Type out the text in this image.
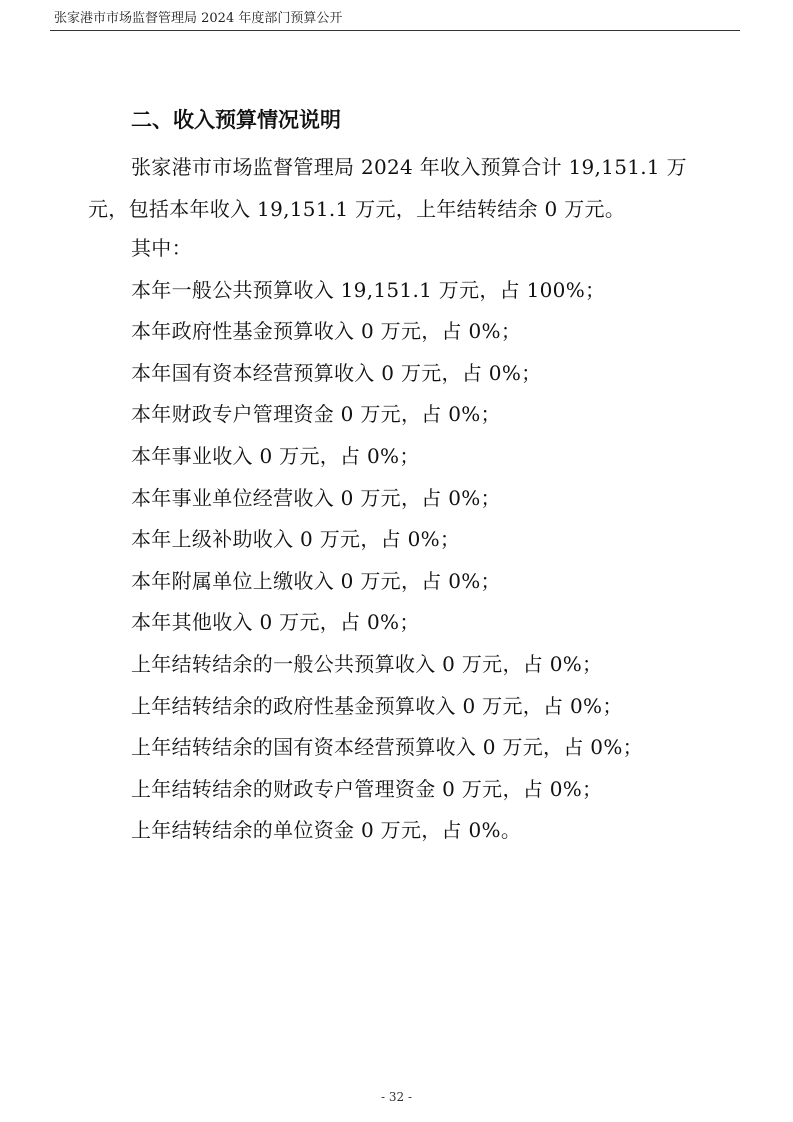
张家港市市场监督管理局 2024 年度部门预算公开
二、收入预算情况说明

张家港市市场监督管理局 2024 年收入预算合计 19,151.1 万元，包括本年收入 19,151.1 万元，上年结转结余 0 万元。

其中：
本年一般公共预算收入 19,151.1 万元，占 100%；
本年政府性基金预算收入 0 万元，占 0%；
本年国有资本经营预算收入 0 万元，占 0%；
本年财政专户管理资金 0 万元，占 0%；
本年事业收入 0 万元，占 0%；
本年事业单位经营收入 0 万元，占 0%；
本年上级补助收入 0 万元，占 0%；
本年附属单位上缴收入 0 万元，占 0%；
本年其他收入 0 万元，占 0%；
上年结转结余的一般公共预算收入 0 万元，占 0%；
上年结转结余的政府性基金预算收入 0 万元，占 0%；
上年结转结余的国有资本经营预算收入 0 万元，占 0%；
上年结转结余的财政专户管理资金 0 万元，占 0%；
上年结转结余的单位资金 0 万元，占 0%。
- 32 -
